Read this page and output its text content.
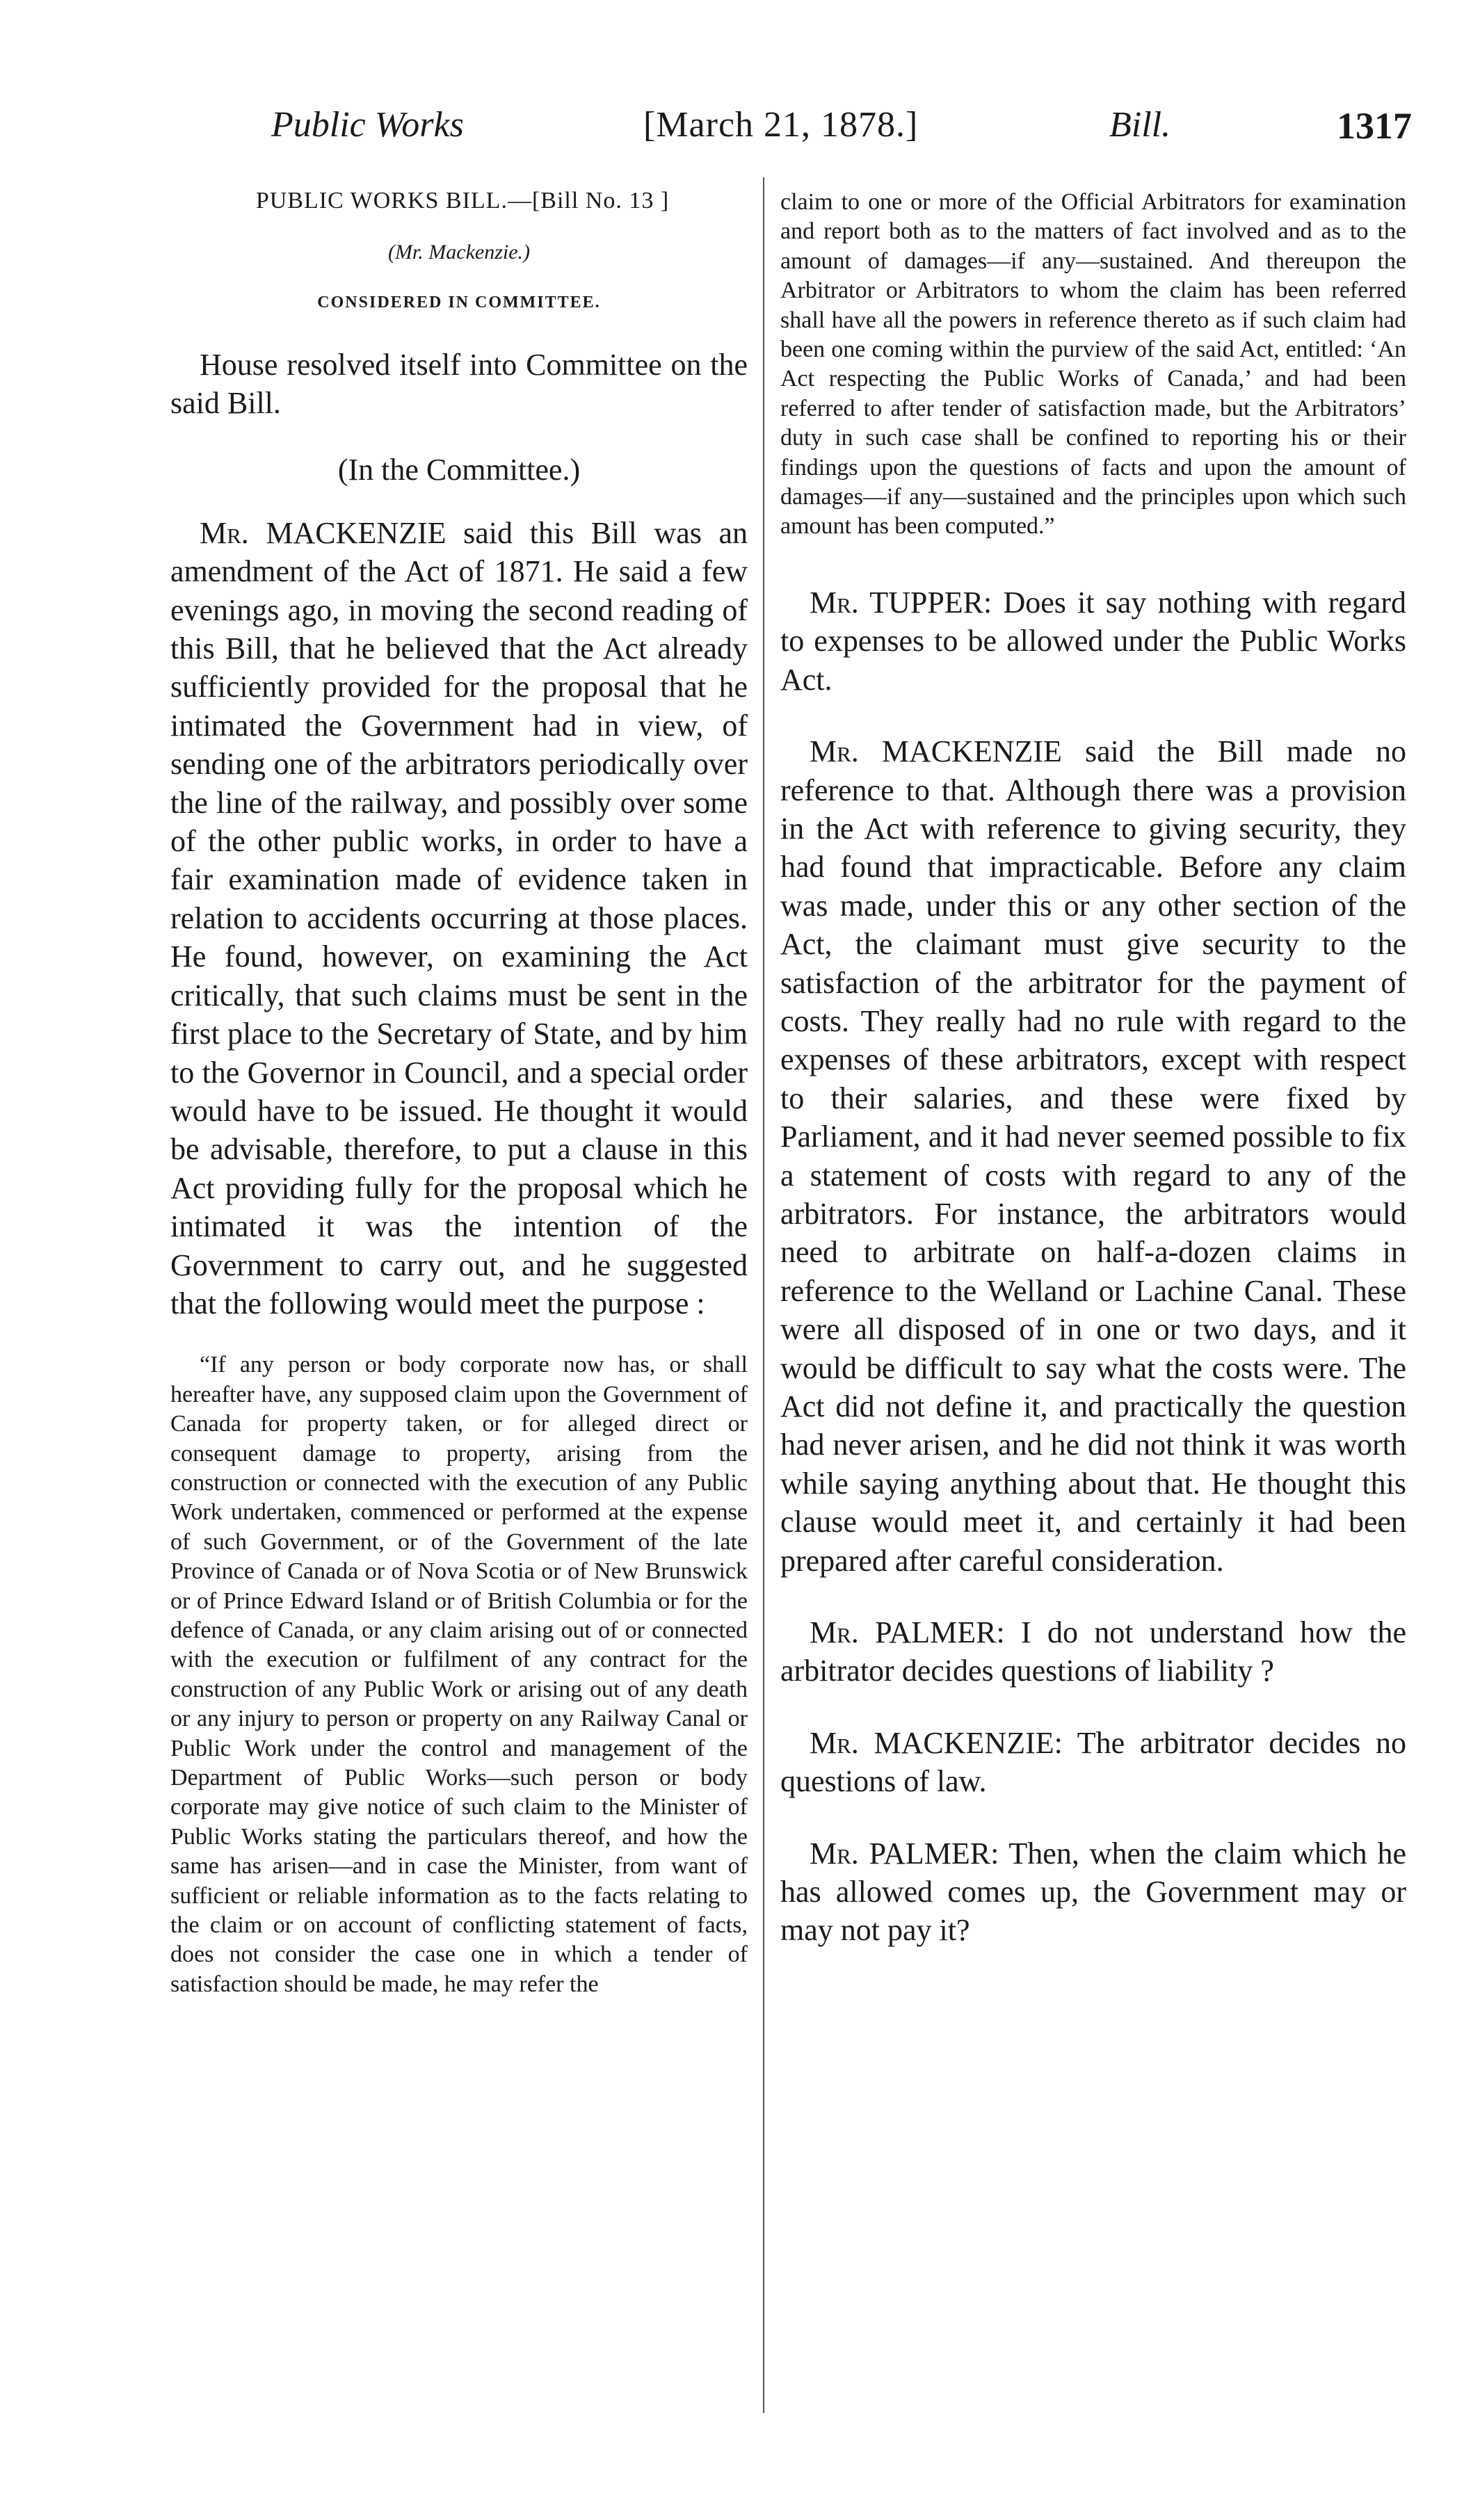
Public Works	[March 21, 1878.]	Bill.	1317

PUBLIC WORKS BILL.—[Bill No. 13 ]

(Mr. Mackenzie.)

CONSIDERED IN COMMITTEE.

House resolved itself into Committee on the said Bill.

(In the Committee.)

Mr. MACKENZIE said this Bill was an amendment of the Act of 1871. He said a few evenings ago, in moving the second reading of this Bill, that he believed that the Act already sufficiently provided for the proposal that he intimated the Government had in view, of sending one of the arbitrators periodically over the line of the railway, and possibly over some of the other public works, in order to have a fair examination made of evidence taken in relation to accidents occurring at those places. He found, however, on examining the Act critically, that such claims must be sent in the first place to the Secretary of State, and by him to the Governor in Council, and a special order would have to be issued. He thought it would be advisable, therefore, to put a clause in this Act providing fully for the proposal which he intimated it was the intention of the Government to carry out, and he suggested that the following would meet the purpose :

“If any person or body corporate now has, or shall hereafter have, any supposed claim upon the Government of Canada for property taken, or for alleged direct or consequent damage to property, arising from the construction or connected with the execution of any Public Work undertaken, commenced or performed at the expense of such Government, or of the Government of the late Province of Canada or of Nova Scotia or of New Brunswick or of Prince Edward Island or of British Columbia or for the defence of Canada, or any claim arising out of or connected with the execution or fulfilment of any contract for the construction of any Public Work or arising out of any death or any injury to person or property on any Railway Canal or Public Work under the control and management of the Department of Public Works—such person or body corporate may give notice of such claim to the Minister of Public Works stating the particulars thereof, and how the same has arisen—and in case the Minister, from want of sufficient or reliable information as to the facts relating to the claim or on account of conflicting statement of facts, does not consider the case one in which a tender of satisfaction should be made, he may refer the

claim to one or more of the Official Arbitrators for examination and report both as to the matters of fact involved and as to the amount of damages—if any—sustained. And thereupon the Arbitrator or Arbitrators to whom the claim has been referred shall have all the powers in reference thereto as if such claim had been one coming within the purview of the said Act, entitled: ‘An Act respecting the Public Works of Canada,’ and had been referred to after tender of satisfaction made, but the Arbitrators’ duty in such case shall be confined to reporting his or their findings upon the questions of facts and upon the amount of damages—if any—sustained and the principles upon which such amount has been computed.”

Mr. TUPPER: Does it say nothing with regard to expenses to be allowed under the Public Works Act.

Mr. MACKENZIE said the Bill made no reference to that. Although there was a provision in the Act with reference to giving security, they had found that impracticable. Before any claim was made, under this or any other section of the Act, the claimant must give security to the satisfaction of the arbitrator for the payment of costs. They really had no rule with regard to the expenses of these arbitrators, except with respect to their salaries, and these were fixed by Parliament, and it had never seemed possible to fix a statement of costs with regard to any of the arbitrators. For instance, the arbitrators would need to arbitrate on half-a-dozen claims in reference to the Welland or Lachine Canal. These were all disposed of in one or two days, and it would be difficult to say what the costs were. The Act did not define it, and practically the question had never arisen, and he did not think it was worth while saying anything about that. He thought this clause would meet it, and certainly it had been prepared after careful consideration.

Mr. PALMER: I do not understand how the arbitrator decides questions of liability ?

Mr. MACKENZIE: The arbitrator decides no questions of law.

Mr. PALMER: Then, when the claim which he has allowed comes up, the Government may or may not pay it?
